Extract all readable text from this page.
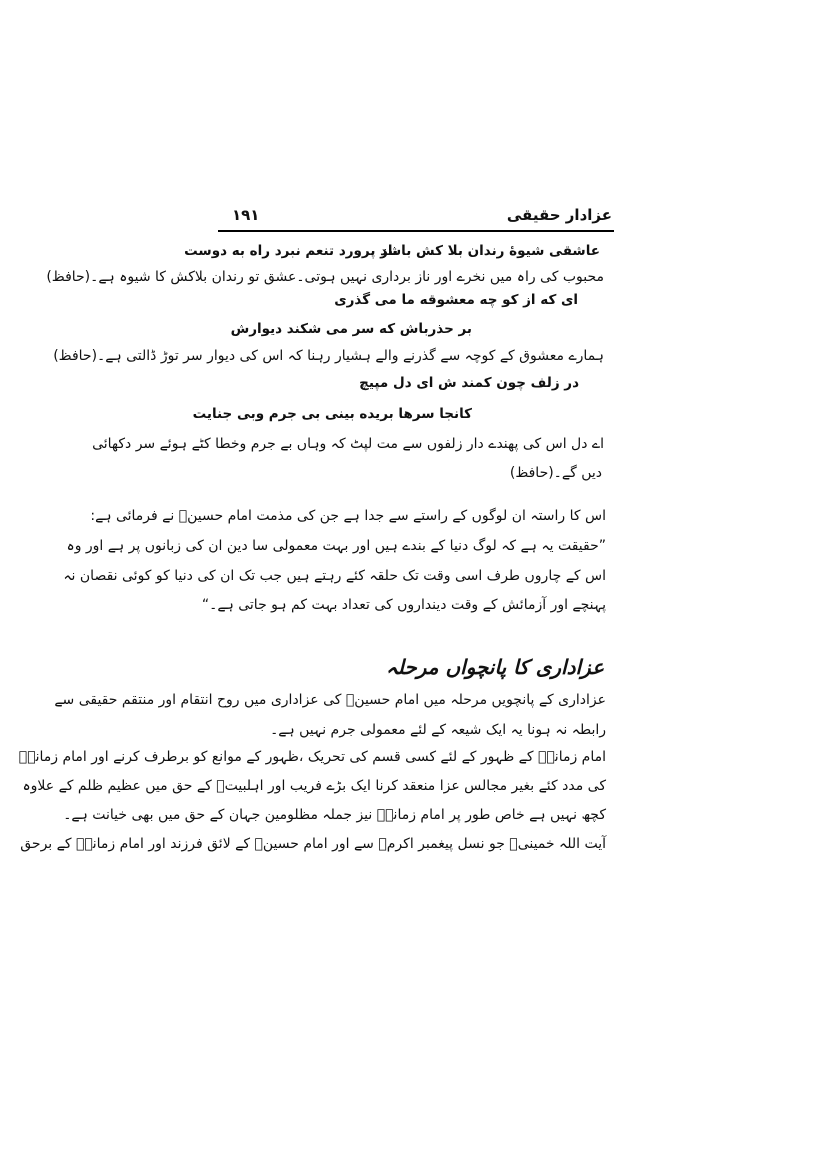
۱۹۱	عزادار حقیقی
عاشقی شیوهٔ رندان بلا کش باشد
ناز پرورد تنعم نبرد راه به دوست
محبوب کی راہ میں نخرے اور ناز برداری نہیں ہوتی۔عشق تو رندان بلاکش کا شیوہ ہے۔(حافظ)
ای که از کو چه معشوقه ما می گذری
بر حذرباش که سر می شکند دیوارش
ہمارے معشوق کے کوچہ سے گذرنے والے ہشیار رہنا کہ اس کی دیوار سر توڑ ڈالتی ہے۔(حافظ)
در زلف چون کمند ش ای دل مپیچ
کانجا سرها بریده بینی بی جرم وبی جنایت
اے دل اس کی پھندے دار زلفوں سے مت لپٹ کہ وہاں بے جرم وخطا کٹے ہوئے سر دکھائی
دیں گے۔(حافظ)
اس کا راستہ ان لوگوں کے راستے سے جدا ہے جن کی مذمت امام حسینؑ نے فرمائی ہے:
”حقیقت یہ ہے کہ لوگ دنیا کے بندے ہیں اور بہت معمولی سا دین ان کی زبانوں پر ہے اور وہ
اس کے چاروں طرف اسی وقت تک حلقہ کئے رہتے ہیں جب تک ان کی دنیا کو کوئی نقصان نہ
پہنچے اور آزمائش کے وقت دینداروں کی تعداد بہت کم ہو جاتی ہے۔“
عزاداری کا پانچواں مرحلہ
عزاداری کے پانچویں مرحلہ میں امام حسینؑ کی عزاداری میں روح انتقام اور منتقم حقیقی سے
رابطہ نہ ہونا یہ ایک شیعہ کے لئے معمولی جرم نہیں ہے۔
امام زمانہؑ کے ظہور کے لئے کسی قسم کی تحریک ،ظہور کے موانع کو برطرف کرنے اور امام زمانہؑ
کی مدد کئے بغیر مجالس عزا منعقد کرنا ایک بڑے فریب اور اہلبیتؑ کے حق میں عظیم ظلم کے علاوہ
کچھ نہیں ہے خاص طور پر امام زمانہؑ نیز جملہ مظلومین جہان کے حق میں بھی خیانت ہے۔
آیت اللہ خمینیؒ جو نسل پیغمبر اکرمؐ سے اور امام حسینؑ کے لائق فرزند اور امام زمانہؑ کے برحق
